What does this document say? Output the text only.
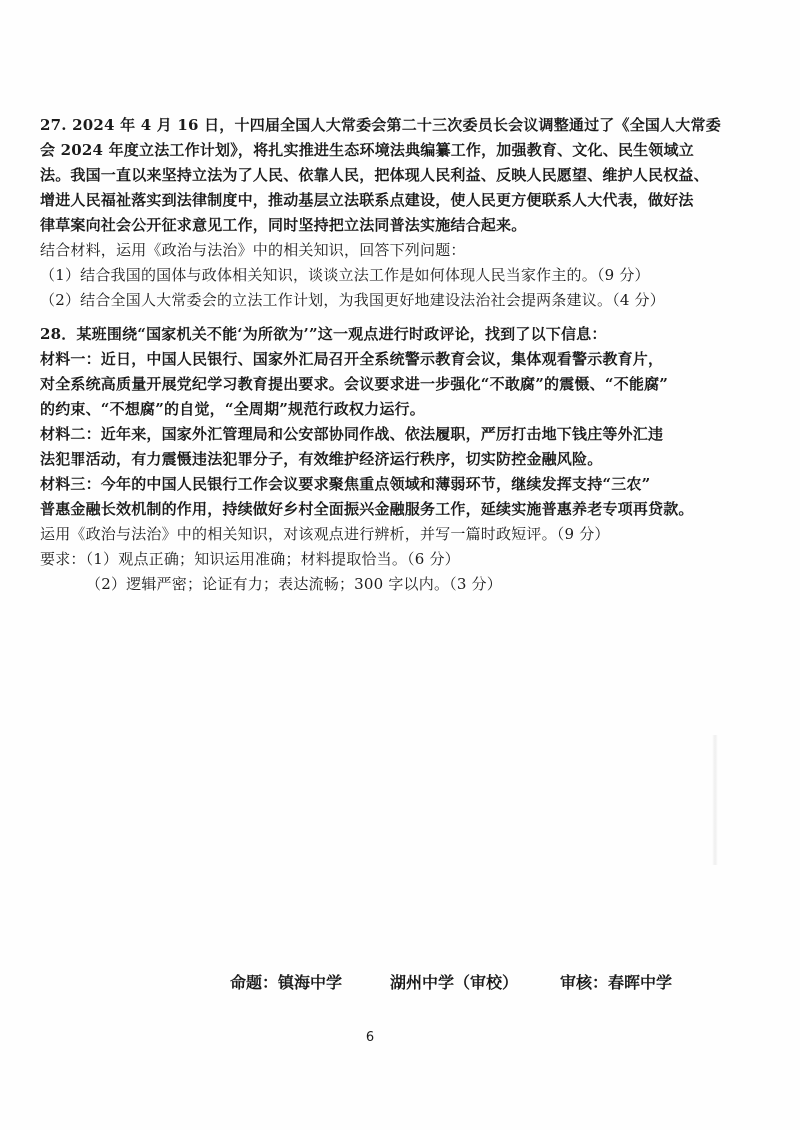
27. 2024 年 4 月 16 日，十四届全国人大常委会第二十三次委员长会议调整通过了《全国人大常委
会 2024 年度立法工作计划》，将扎实推进生态环境法典编纂工作，加强教育、文化、民生领域立
法。我国一直以来坚持立法为了人民、依靠人民，把体现人民利益、反映人民愿望、维护人民权益、
增进人民福祉落实到法律制度中，推动基层立法联系点建设，使人民更方便联系人大代表，做好法
律草案向社会公开征求意见工作，同时坚持把立法同普法实施结合起来。
结合材料，运用《政治与法治》中的相关知识，回答下列问题：
（1）结合我国的国体与政体相关知识，谈谈立法工作是如何体现人民当家作主的。（9 分）
（2）结合全国人大常委会的立法工作计划，为我国更好地建设法治社会提两条建议。（4 分）
28．某班围绕“国家机关不能‘为所欲为’”这一观点进行时政评论，找到了以下信息：
材料一：近日，中国人民银行、国家外汇局召开全系统警示教育会议，集体观看警示教育片，
对全系统高质量开展党纪学习教育提出要求。会议要求进一步强化“不敢腐”的震慑、“不能腐”
的约束、“不想腐”的自觉，“全周期”规范行政权力运行。
材料二：近年来，国家外汇管理局和公安部协同作战、依法履职，严厉打击地下钱庄等外汇违
法犯罪活动，有力震慑违法犯罪分子，有效维护经济运行秩序，切实防控金融风险。
材料三：今年的中国人民银行工作会议要求聚焦重点领域和薄弱环节，继续发挥支持“三农”
普惠金融长效机制的作用，持续做好乡村全面振兴金融服务工作，延续实施普惠养老专项再贷款。
运用《政治与法治》中的相关知识，对该观点进行辨析，并写一篇时政短评。（9 分）
要求：（1）观点正确；知识运用准确；材料提取恰当。（6 分）
（2）逻辑严密；论证有力；表达流畅；300 字以内。（3 分）
命题：镇海中学	湖州中学（审校）	审核：春晖中学
6
